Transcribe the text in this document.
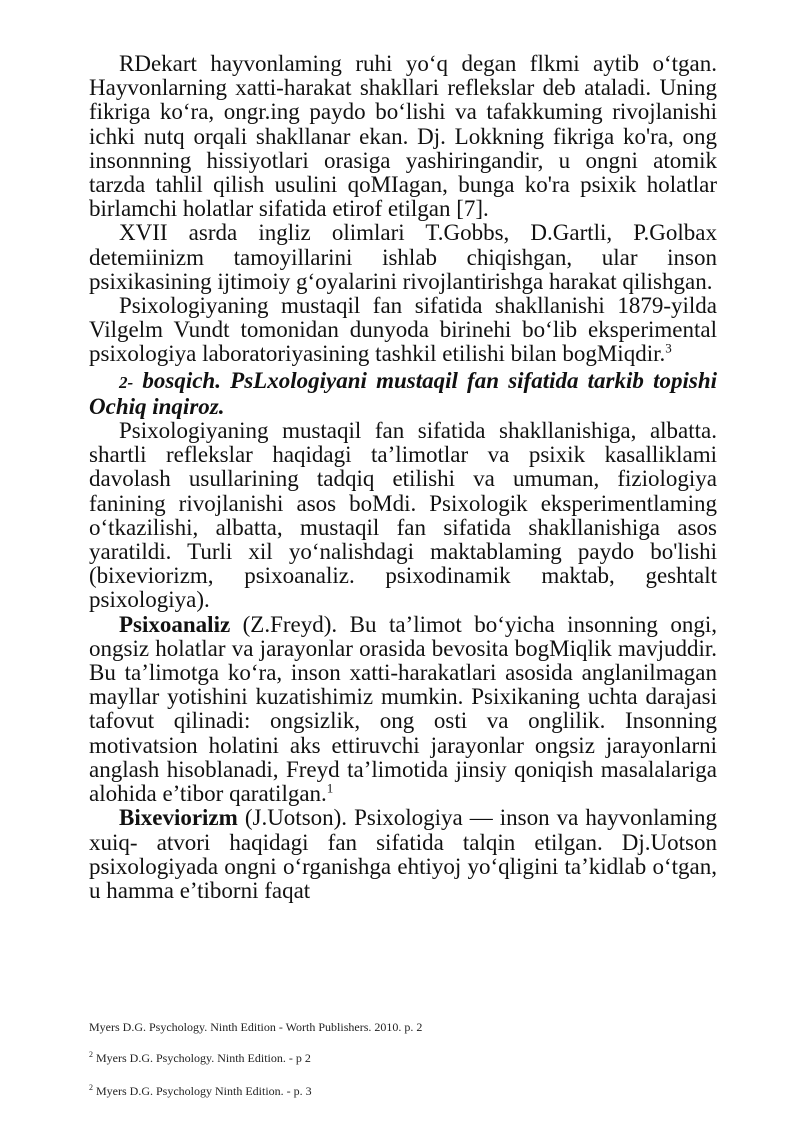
RDekart hayvonlaming ruhi yo‘q degan flkmi aytib o‘tgan. Hayvonlarning xatti-harakat shakllari reflekslar deb ataladi. Uning fikriga ko‘ra, ongr.ing paydo bo‘lishi va tafakkuming rivojlanishi ichki nutq orqali shakllanar ekan. Dj. Lokkning fikriga ko'ra, ong insonnning hissiyotlari orasiga yashiringandir, u ongni atomik tarzda tahlil qilish usulini qoMIagan, bunga ko'ra psixik holatlar birlamchi holatlar sifatida etirof etilgan [7].

XVII asrda ingliz olimlari T.Gobbs, D.Gartli, P.Golbax detemiinizm tamoyillarini ishlab chiqishgan, ular inson psixikasining ijtimoiy g‘oyalarini rivojlantirishga harakat qilishgan.

Psixologiyaning mustaqil fan sifatida shakllanishi 1879-yilda Vilgelm Vundt tomonidan dunyoda birinehi bo‘lib eksperimental psixologiya laboratoriyasining tashkil etilishi bilan bogMiqdir.$^3$

2- bosqich. PsLxologiyani mustaqil fan sifatida tarkib topishi Ochiq inqiroz.

Psixologiyaning mustaqil fan sifatida shakllanishiga, albatta. shartli reflekslar haqidagi ta’limotlar va psixik kasalliklami davolash usullarining tadqiq etilishi va umuman, fiziologiya fanining rivojlanishi asos boMdi. Psixologik eksperimentlaming o‘tkazilishi, albatta, mustaqil fan sifatida shakllanishiga asos yaratildi. Turli xil yo‘nalishdagi maktablaming paydo bo'lishi (bixeviorizm, psixoanaliz. psixodinamik maktab, geshtalt psixologiya).

Psixoanaliz (Z.Freyd). Bu ta’limot bo‘yicha insonning ongi, ongsiz holatlar va jarayonlar orasida bevosita bogMiqlik mavjuddir. Bu ta’limotga ko‘ra, inson xatti-harakatlari asosida anglanilmagan mayllar yotishini kuzatishimiz mumkin. Psixikaning uchta darajasi tafovut qilinadi: ongsizlik, ong osti va onglilik. Insonning motivatsion holatini aks ettiruvchi jarayonlar ongsiz jarayonlarni anglash hisoblanadi, Freyd ta’limotida jinsiy qoniqish masalalariga alohida e’tibor qaratilgan.$^1$

Bixeviorizm (J.Uotson). Psixologiya — inson va hayvonlaming xuiq- atvori haqidagi fan sifatida talqin etilgan. Dj.Uotson psixologiyada ongni o‘rganishga ehtiyoj yo‘qligini ta’kidlab o‘tgan, u hamma e’tiborni faqat

Myers D.G. Psychology. Ninth Edition - Worth Publishers. 2010. p. 2
$^2$ Myers D.G. Psychology. Ninth Edition. - p 2
$^2$ Myers D.G. Psychology Ninth Edition. - p. 3
